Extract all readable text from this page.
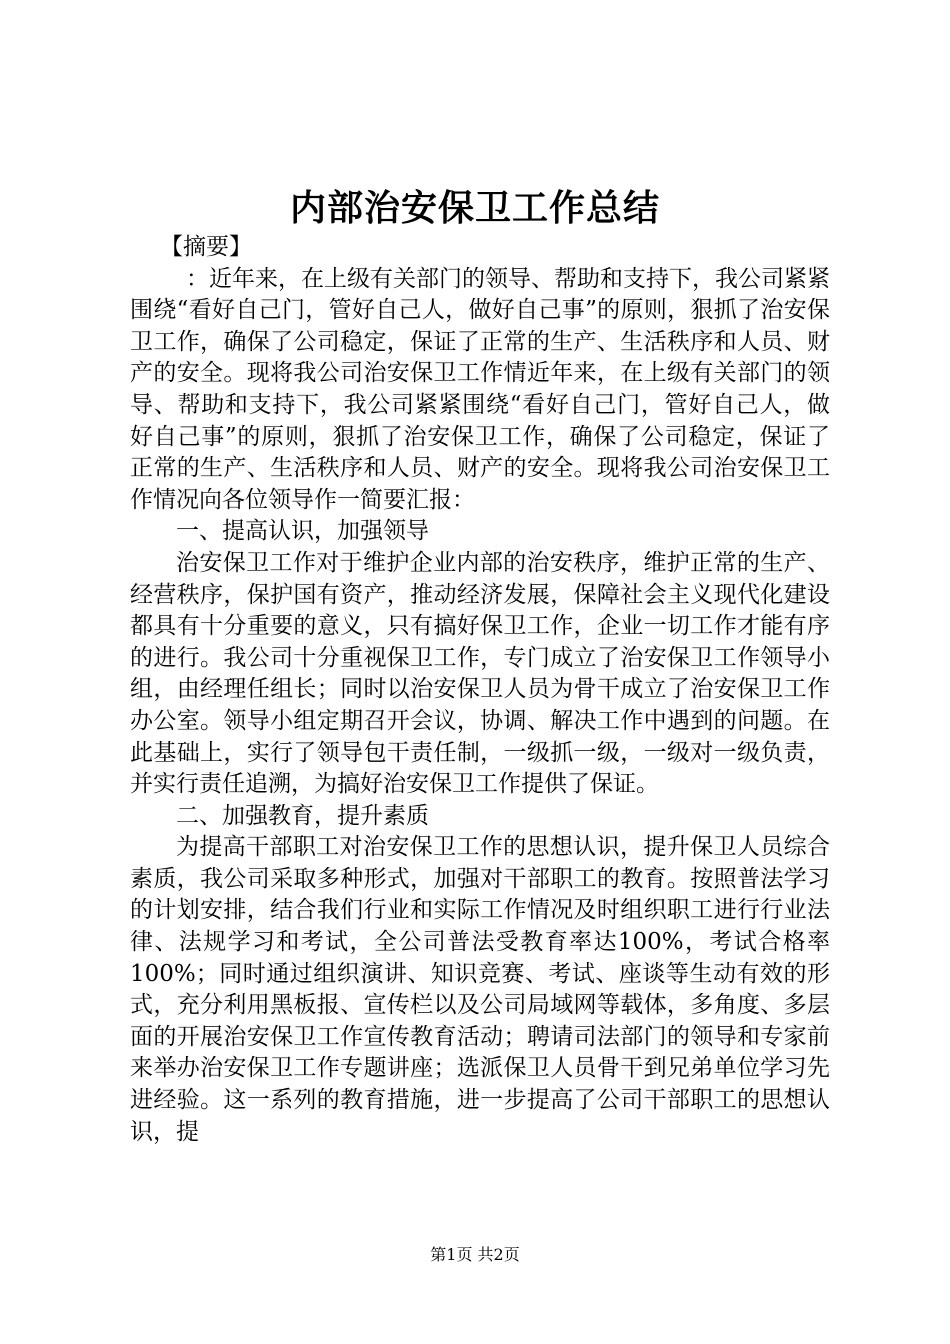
内部治安保卫工作总结

【摘要】

：近年来，在上级有关部门的领导、帮助和支持下，我公司紧紧围绕“看好自己门，管好自己人，做好自己事”的原则，狠抓了治安保卫工作，确保了公司稳定，保证了正常的生产、生活秩序和人员、财产的安全。现将我公司治安保卫工作情近年来，在上级有关部门的领导、帮助和支持下，我公司紧紧围绕“看好自己门，管好自己人，做好自己事”的原则，狠抓了治安保卫工作，确保了公司稳定，保证了正常的生产、生活秩序和人员、财产的安全。现将我公司治安保卫工作情况向各位领导作一简要汇报：

一、提高认识，加强领导

治安保卫工作对于维护企业内部的治安秩序，维护正常的生产、经营秩序，保护国有资产，推动经济发展，保障社会主义现代化建设都具有十分重要的意义，只有搞好保卫工作，企业一切工作才能有序的进行。我公司十分重视保卫工作，专门成立了治安保卫工作领导小组，由经理任组长；同时以治安保卫人员为骨干成立了治安保卫工作办公室。领导小组定期召开会议，协调、解决工作中遇到的问题。在此基础上，实行了领导包干责任制，一级抓一级，一级对一级负责，并实行责任追溯，为搞好治安保卫工作提供了保证。

二、加强教育，提升素质

为提高干部职工对治安保卫工作的思想认识，提升保卫人员综合素质，我公司采取多种形式，加强对干部职工的教育。按照普法学习的计划安排，结合我们行业和实际工作情况及时组织职工进行行业法律、法规学习和考试，全公司普法受教育率达100%，考试合格率100%；同时通过组织演讲、知识竞赛、考试、座谈等生动有效的形式，充分利用黑板报、宣传栏以及公司局域网等载体，多角度、多层面的开展治安保卫工作宣传教育活动；聘请司法部门的领导和专家前来举办治安保卫工作专题讲座；选派保卫人员骨干到兄弟单位学习先进经验。这一系列的教育措施，进一步提高了公司干部职工的思想认识，提

第1页 共2页
